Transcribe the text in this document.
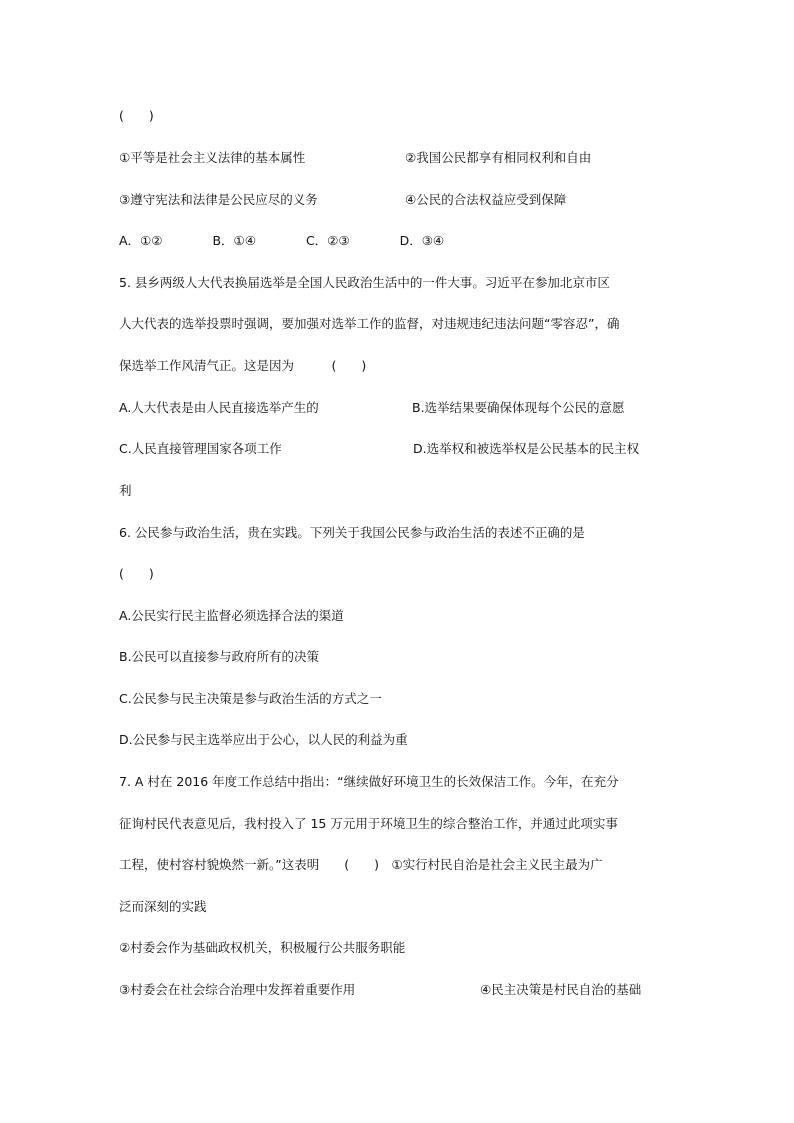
(　　)
①平等是社会主义法律的基本属性	②我国公民都享有相同权利和自由
③遵守宪法和法律是公民应尽的义务	④公民的合法权益应受到保障
A．①②　　　　B．①④　　　　C．②③　　　　D．③④
5. 县乡两级人大代表换届选举是全国人民政治生活中的一件大事。习近平在参加北京市区
人大代表的选举投票时强调，要加强对选举工作的监督，对违规违纪违法问题“零容忍”，确
保选举工作风清气正。这是因为　　　(　　)
A.人大代表是由人民直接选举产生的	B.选举结果要确保体现每个公民的意愿
C.人民直接管理国家各项工作	D.选举权和被选举权是公民基本的民主权
利
6. 公民参与政治生活，贵在实践。下列关于我国公民参与政治生活的表述不正确的是
(　　)
A.公民实行民主监督必须选择合法的渠道
B.公民可以直接参与政府所有的决策
C.公民参与民主决策是参与政治生活的方式之一
D.公民参与民主选举应出于公心，以人民的利益为重
7. A 村在 2016 年度工作总结中指出：“继续做好环境卫生的长效保洁工作。今年，在充分
征询村民代表意见后，我村投入了 15 万元用于环境卫生的综合整治工作，并通过此项实事
工程，使村容村貌焕然一新。”这表明　　(　　)　①实行村民自治是社会主义民主最为广
泛而深刻的实践
②村委会作为基础政权机关，积极履行公共服务职能
③村委会在社会综合治理中发挥着重要作用	④民主决策是村民自治的基础
